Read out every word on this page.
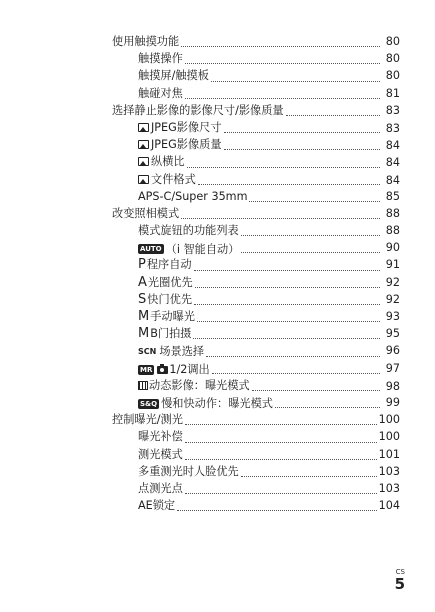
使用触摸功能	80
触摸操作	80
触摸屏/触摸板	80
触碰对焦	81
选择静止影像的影像尺寸/影像质量	83
JPEG影像尺寸	83
JPEG影像质量	84
纵横比	84
文件格式	84
APS-C/Super 35mm	85
改变照相模式	88
模式旋钮的功能列表	88
AUTO （i 智能自动）	90
P 程序自动	91
A 光圈优先	92
S 快门优先	92
M 手动曝光	93
M B门拍摄	95
SCN 场景选择	96
MR 1/2调出	97
动态影像：曝光模式	98
S&Q 慢和快动作：曝光模式	99
控制曝光/测光	100
曝光补偿	100
测光模式	101
多重测光时人脸优先	103
点测光点	103
AE锁定	104
CS
5
